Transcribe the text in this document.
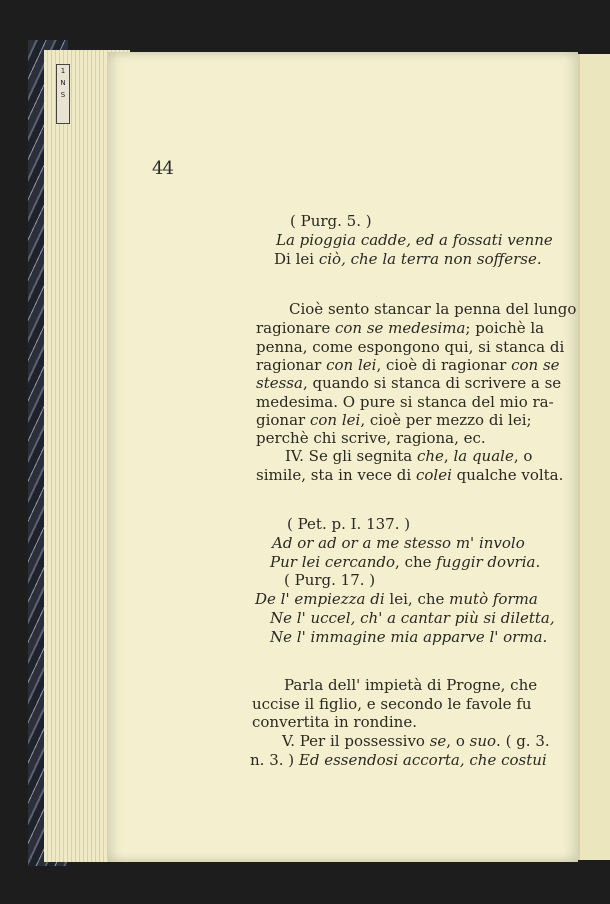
1
N
S
44
( Purg. 5. )
La pioggia cadde, ed a fossati venne
Di lei ciò, che la terra non sofferse.
Cioè sento stancar la penna del lungo
ragionare con se medesima; poichè la
penna, come espongono qui, si stanca di
ragionar con lei, cioè di ragionar con se
stessa, quando si stanca di scrivere a se
medesima. O pure si stanca del mio ra-
gionar con lei, cioè per mezzo di lei;
perchè chi scrive, ragiona, ec.
IV. Se gli segnita che, la quale, o
simile, sta in vece di colei qualche volta.
( Pet. p. I. 137. )
Ad or ad or a me stesso m' involo
Pur lei cercando, che fuggir dovria.
( Purg. 17. )
De l' empiezza di lei, che mutò forma
Ne l' uccel, ch' a cantar più si diletta,
Ne l' immagine mia apparve l' orma.
Parla dell' impietà di Progne, che
uccise il figlio, e secondo le favole fu
convertita in rondine.
V. Per il possessivo se, o suo. ( g. 3.
n. 3. ) Ed essendosi accorta, che costui
